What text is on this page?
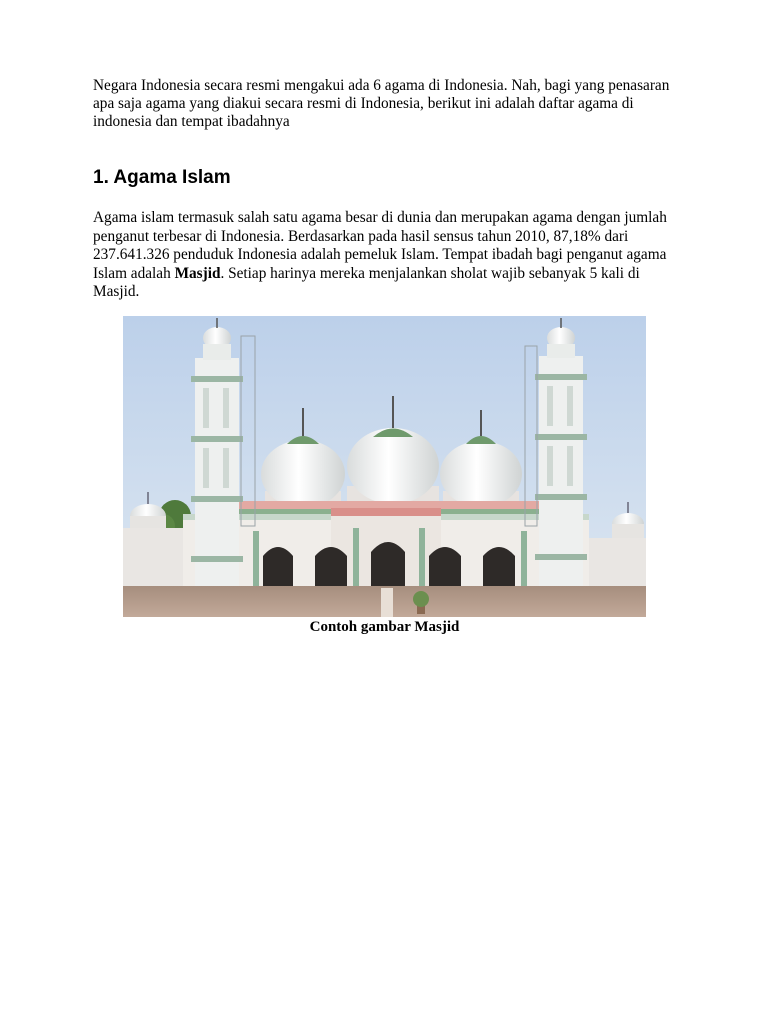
Negara Indonesia secara resmi mengakui ada 6 agama di Indonesia. Nah, bagi yang penasaran apa saja agama yang diakui secara resmi di Indonesia, berikut ini adalah daftar agama di indonesia dan tempat ibadahnya
1. Agama Islam
Agama islam termasuk salah satu agama besar di dunia dan merupakan agama dengan jumlah penganut terbesar di Indonesia. Berdasarkan pada hasil sensus tahun 2010, 87,18% dari 237.641.326 penduduk Indonesia adalah pemeluk Islam. Tempat ibadah bagi penganut agama Islam adalah Masjid. Setiap harinya mereka menjalankan sholat wajib sebanyak 5 kali di Masjid.
Contoh gambar Masjid
